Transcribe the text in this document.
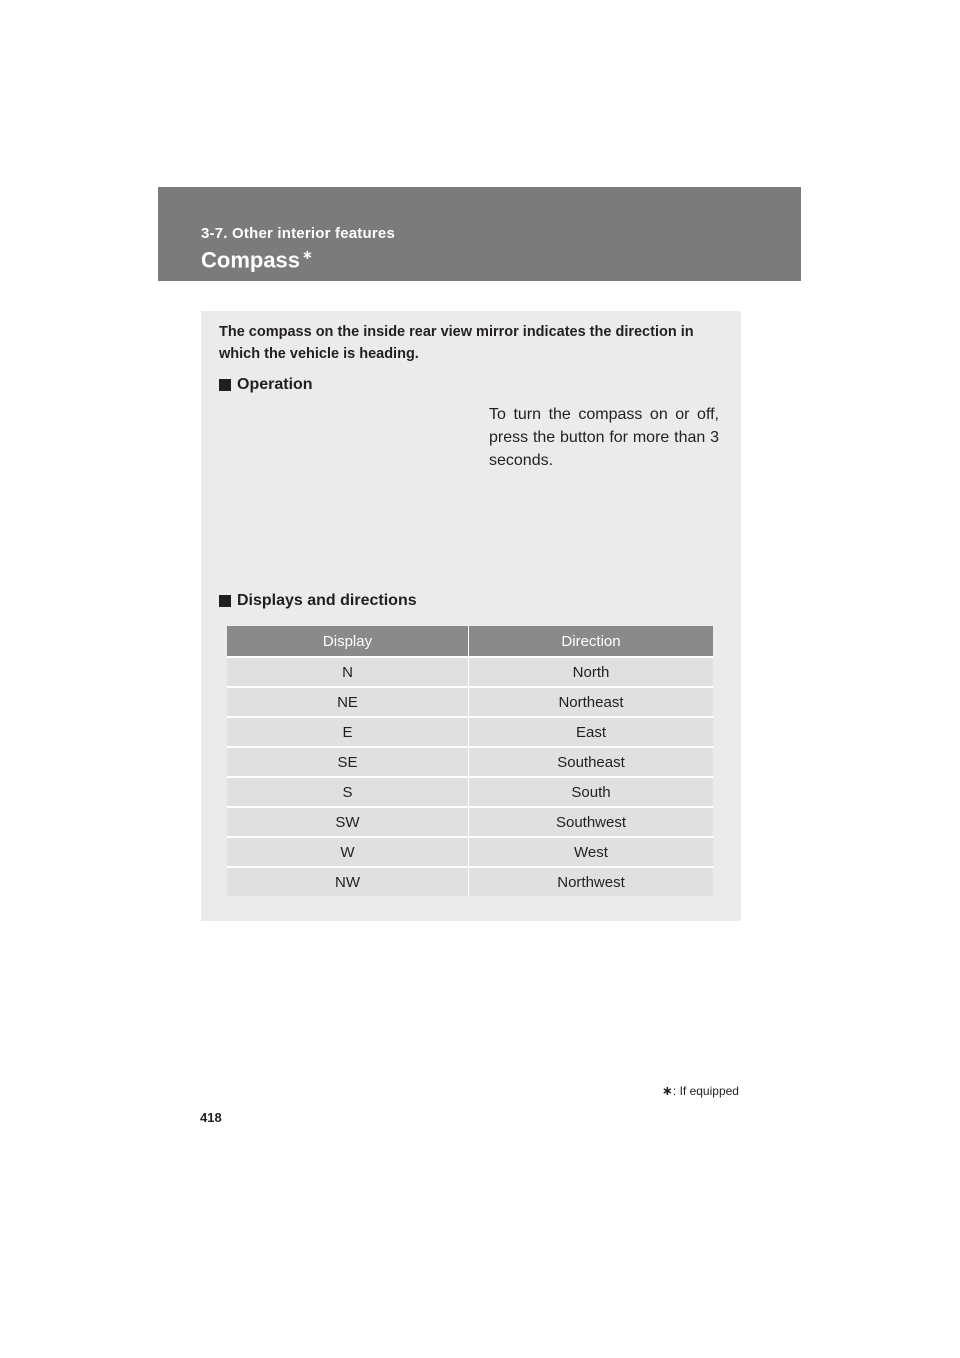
3-7. Other interior features
Compass ∗
The compass on the inside rear view mirror indicates the direction in which the vehicle is heading.
Operation
To turn the compass on or off, press the button for more than 3 seconds.
Displays and directions
Display	Direction
N	North
NE	Northeast
E	East
SE	Southeast
S	South
SW	Southwest
W	West
NW	Northwest
∗: If equipped
418
